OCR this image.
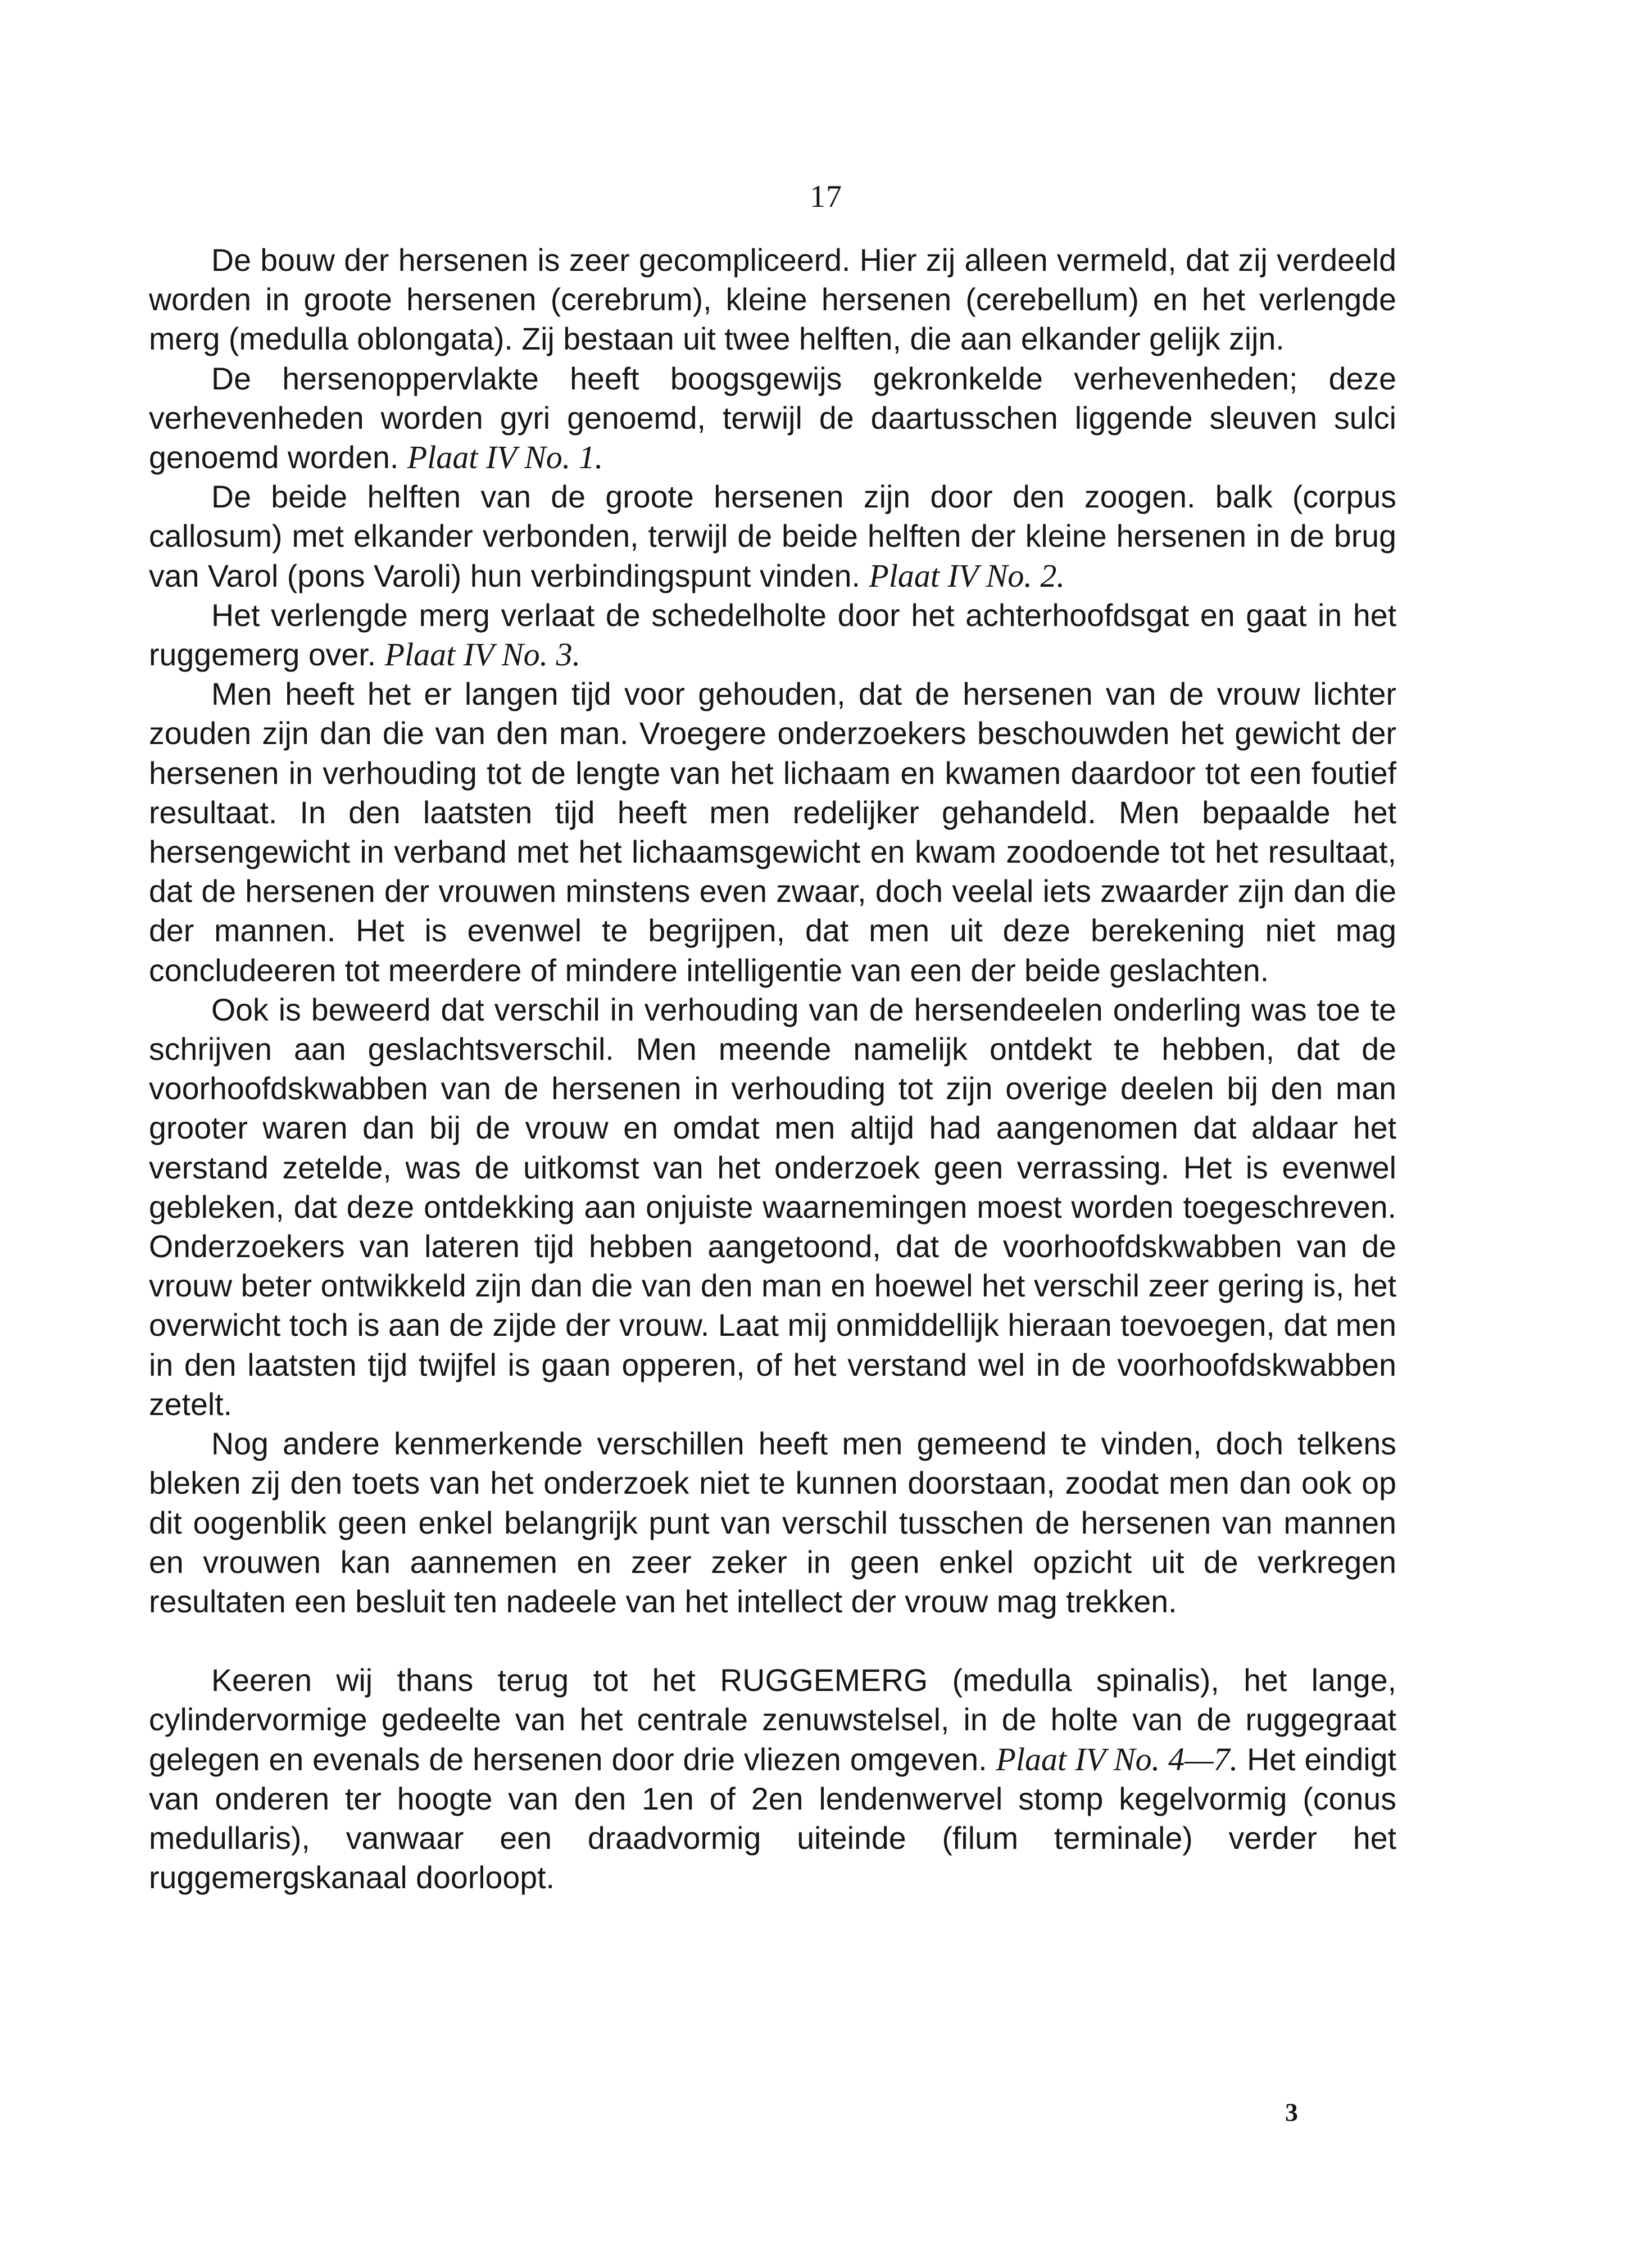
17

De bouw der hersenen is zeer gecompliceerd. Hier zij alleen vermeld, dat zij verdeeld worden in groote hersenen (cerebrum), kleine hersenen (cerebellum) en het verlengde merg (medulla oblongata). Zij bestaan uit twee helften, die aan elkander gelijk zijn.

De hersenoppervlakte heeft boogsgewijs gekronkelde verhevenheden; deze verhevenheden worden gyri genoemd, terwijl de daartusschen liggende sleuven sulci genoemd worden. Plaat IV No. 1.

De beide helften van de groote hersenen zijn door den zoogen. balk (corpus callosum) met elkander verbonden, terwijl de beide helften der kleine hersenen in de brug van Varol (pons Varoli) hun verbindingspunt vinden. Plaat IV No. 2.

Het verlengde merg verlaat de schedelholte door het achterhoofdsgat en gaat in het ruggemerg over. Plaat IV No. 3.

Men heeft het er langen tijd voor gehouden, dat de hersenen van de vrouw lichter zouden zijn dan die van den man. Vroegere onderzoekers beschouwden het gewicht der hersenen in verhouding tot de lengte van het lichaam en kwamen daardoor tot een foutief resultaat. In den laatsten tijd heeft men redelijker gehandeld. Men bepaalde het hersengewicht in verband met het lichaamsgewicht en kwam zoodoende tot het resultaat, dat de hersenen der vrouwen minstens even zwaar, doch veelal iets zwaarder zijn dan die der mannen. Het is evenwel te begrijpen, dat men uit deze berekening niet mag concludeeren tot meerdere of mindere intelligentie van een der beide geslachten.

Ook is beweerd dat verschil in verhouding van de hersendeelen onderling was toe te schrijven aan geslachtsverschil. Men meende namelijk ontdekt te hebben, dat de voorhoofdskwabben van de hersenen in verhouding tot zijn overige deelen bij den man grooter waren dan bij de vrouw en omdat men altijd had aangenomen dat aldaar het verstand zetelde, was de uitkomst van het onderzoek geen verrassing. Het is evenwel gebleken, dat deze ontdekking aan onjuiste waarnemingen moest worden toegeschreven. Onderzoekers van lateren tijd hebben aangetoond, dat de voorhoofdskwabben van de vrouw beter ontwikkeld zijn dan die van den man en hoewel het verschil zeer gering is, het overwicht toch is aan de zijde der vrouw. Laat mij onmiddellijk hieraan toevoegen, dat men in den laatsten tijd twijfel is gaan opperen, of het verstand wel in de voorhoofdskwabben zetelt.

Nog andere kenmerkende verschillen heeft men gemeend te vinden, doch telkens bleken zij den toets van het onderzoek niet te kunnen doorstaan, zoodat men dan ook op dit oogenblik geen enkel belangrijk punt van verschil tusschen de hersenen van mannen en vrouwen kan aannemen en zeer zeker in geen enkel opzicht uit de verkregen resultaten een besluit ten nadeele van het intellect der vrouw mag trekken.

Keeren wij thans terug tot het RUGGEMERG (medulla spinalis), het lange, cylindervormige gedeelte van het centrale zenuwstelsel, in de holte van de ruggegraat gelegen en evenals de hersenen door drie vliezen omgeven. Plaat IV No. 4—7. Het eindigt van onderen ter hoogte van den 1en of 2en lendenwervel stomp kegelvormig (conus medullaris), vanwaar een draadvormig uiteinde (filum terminale) verder het ruggemergskanaal doorloopt.

3
